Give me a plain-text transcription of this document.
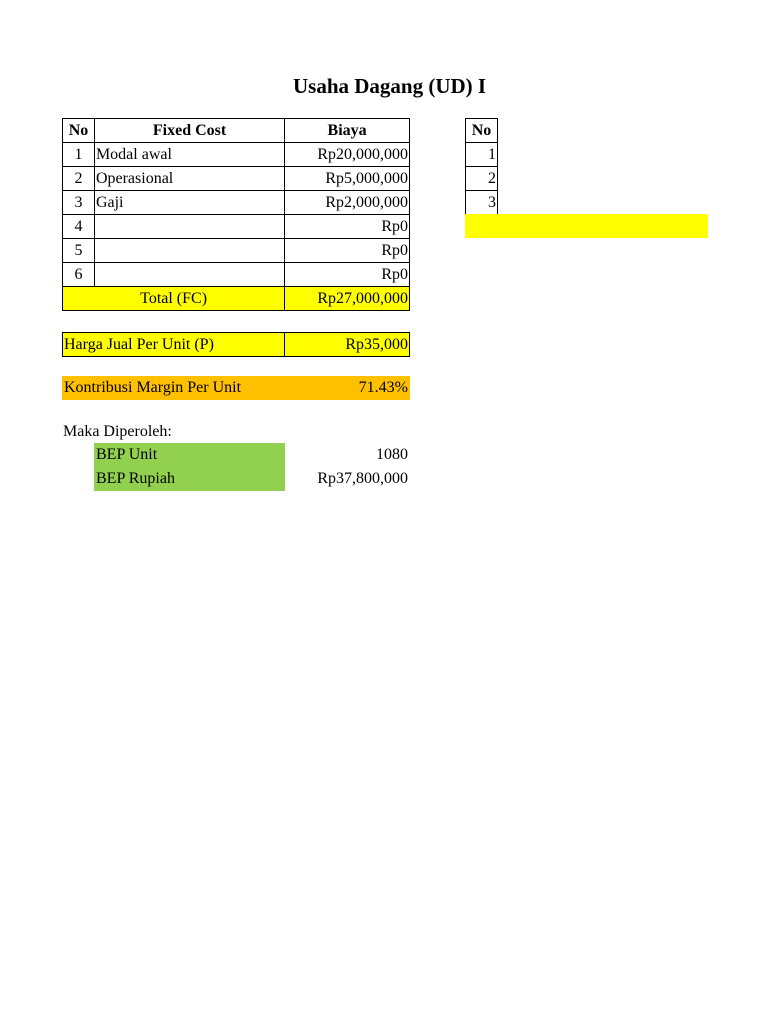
Usaha Dagang (UD) I
No	Fixed Cost	Biaya
1	Modal awal	Rp20,000,000
2	Operasional	Rp5,000,000
3	Gaji	Rp2,000,000
4		Rp0
5		Rp0
6		Rp0
Total (FC)		Rp27,000,000
Harga Jual Per Unit (P)	Rp35,000
Kontribusi Margin Per Unit	71.43%
Maka Diperoleh:
BEP Unit	1080
BEP Rupiah	Rp37,800,000
No
1
2
3
